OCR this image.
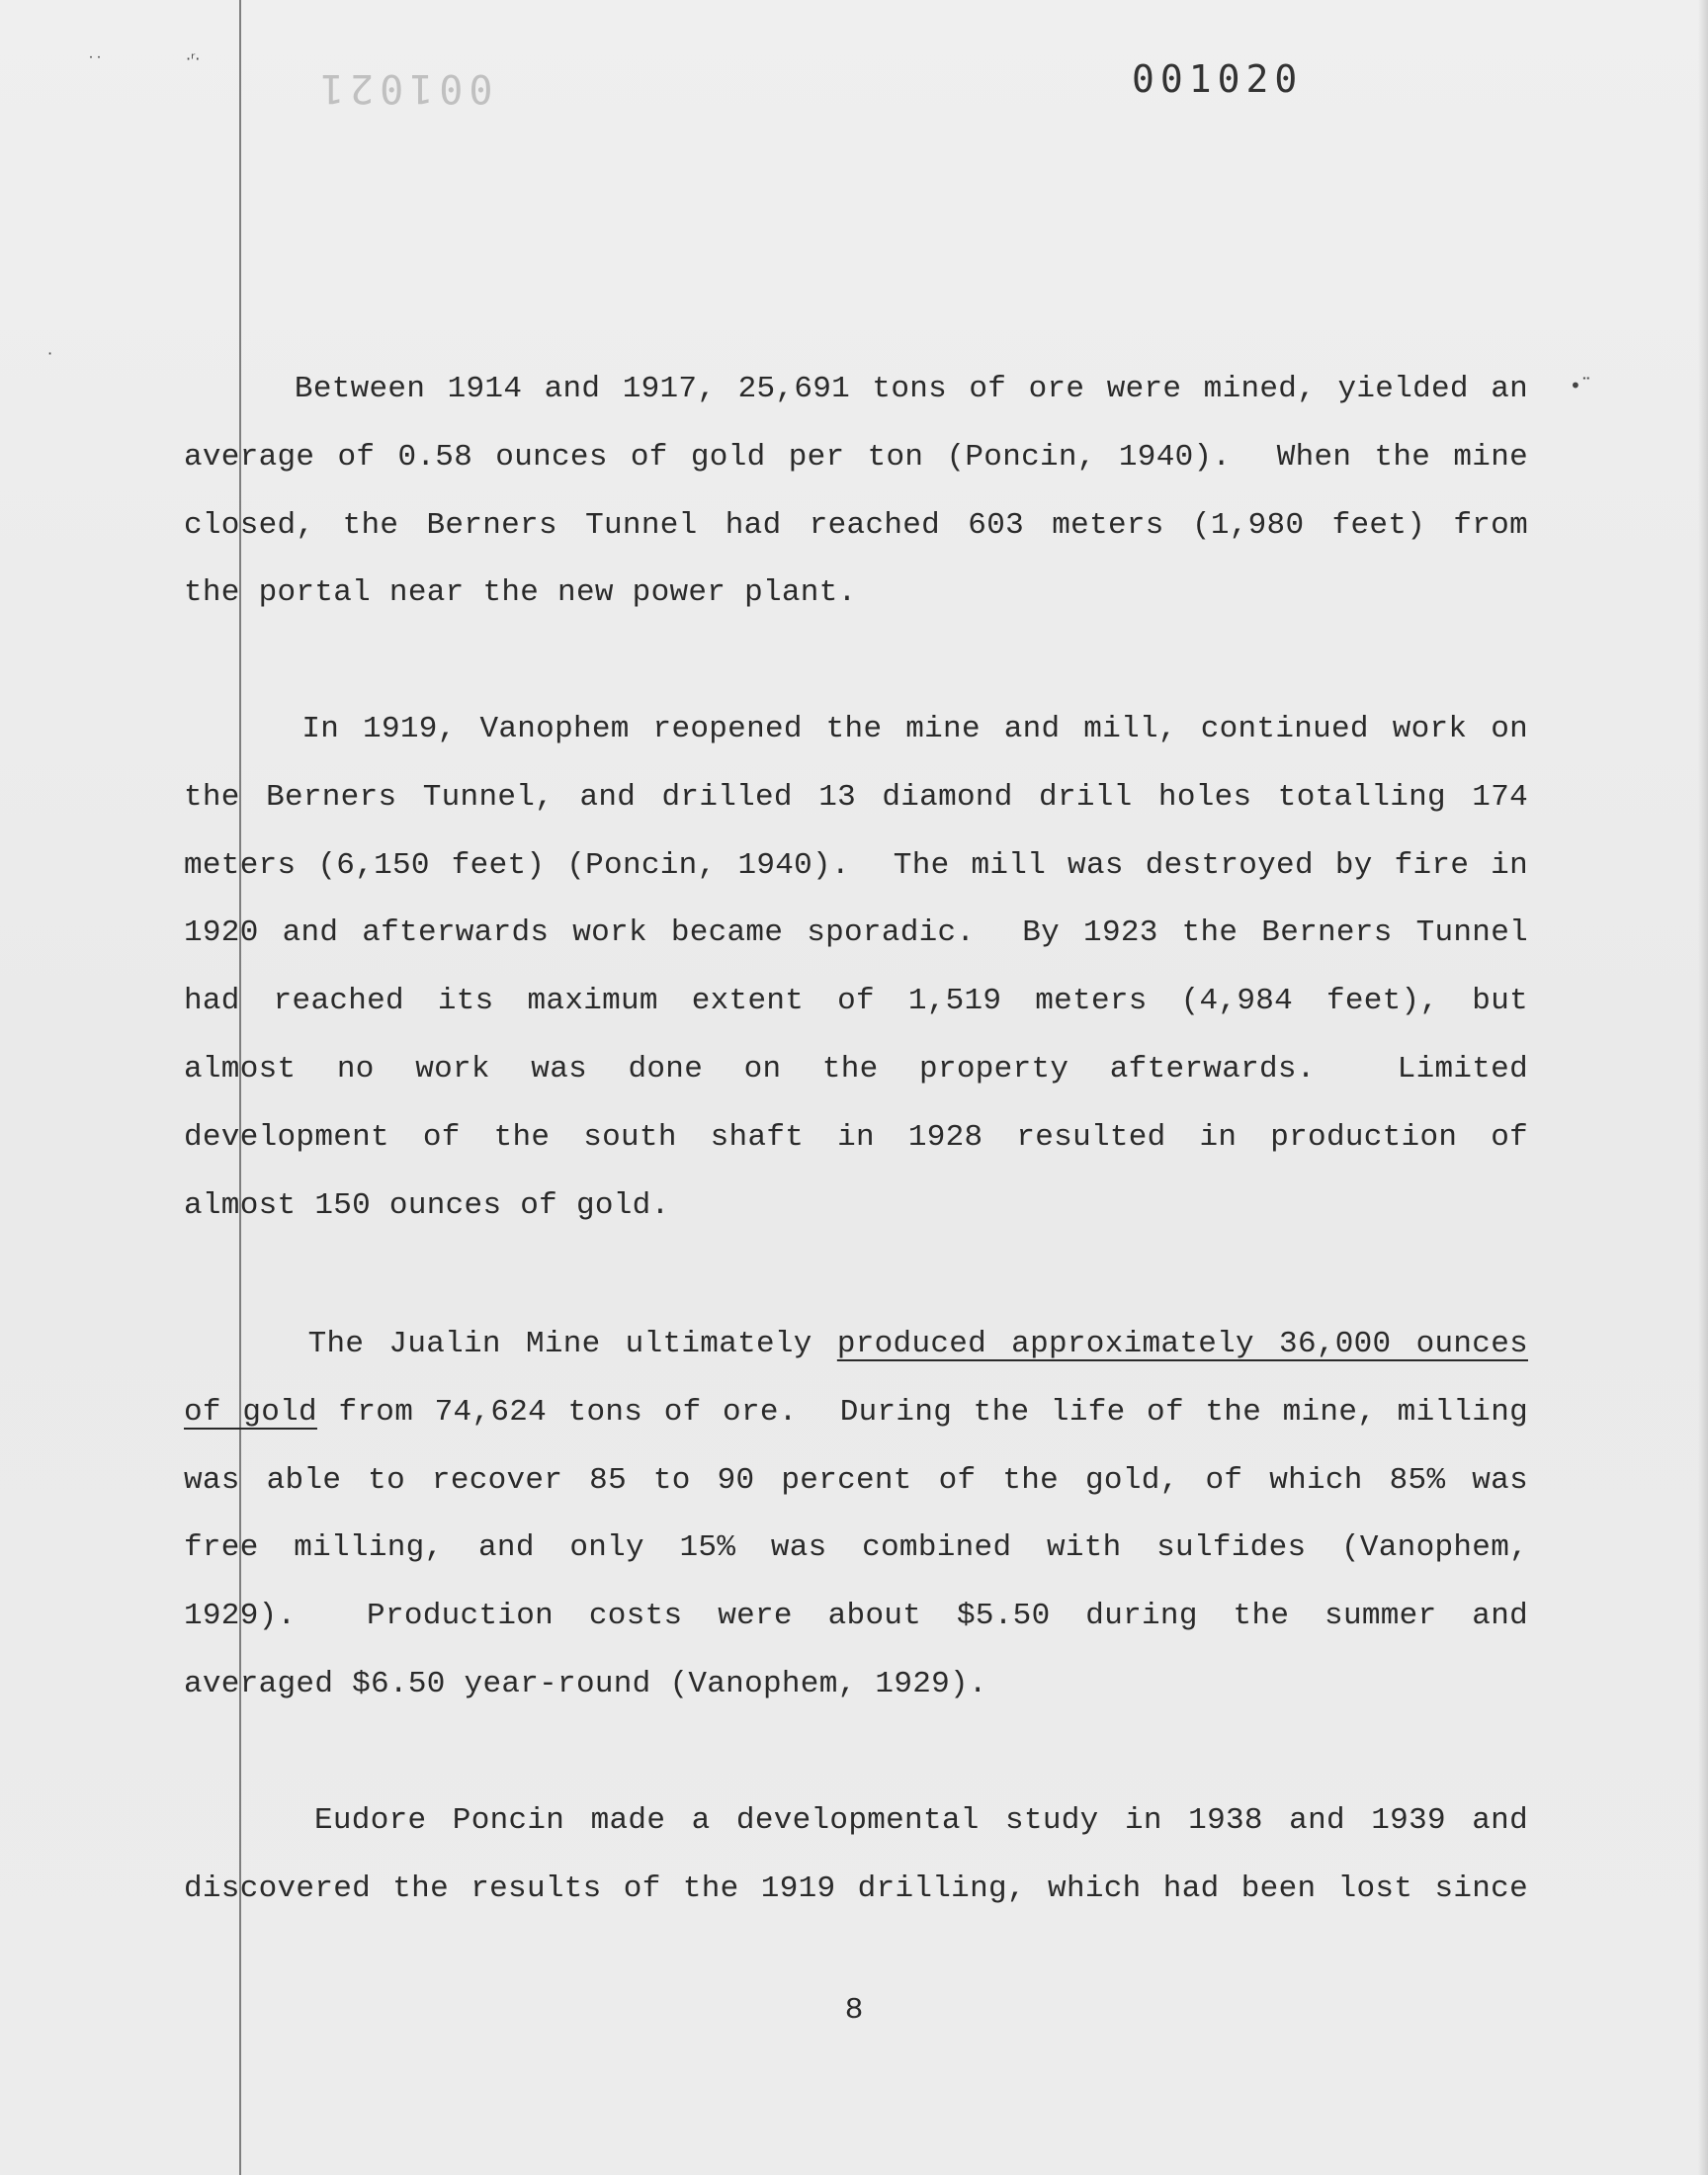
˙˙	·ʳ·
•¨
·
001021	001020
Between 1914 and 1917, 25,691 tons of ore were mined, yielded an
average of 0.58 ounces of gold per ton (Poncin, 1940).  When the mine
closed, the Berners Tunnel had reached 603 meters (1,980 feet) from
the portal near the new power plant.
In 1919, Vanophem reopened the mine and mill, continued work on
the Berners Tunnel, and drilled 13 diamond drill holes totalling 174
meters (6,150 feet) (Poncin, 1940).  The mill was destroyed by fire in
1920 and afterwards work became sporadic.  By 1923 the Berners Tunnel
had reached its maximum extent of 1,519 meters (4,984 feet), but
almost no work was done on the property afterwards.  Limited
development of the south shaft in 1928 resulted in production of
almost 150 ounces of gold.
The Jualin Mine ultimately produced approximately 36,000 ounces
of gold from 74,624 tons of ore.  During the life of the mine, milling
was able to recover 85 to 90 percent of the gold, of which 85% was
free milling, and only 15% was combined with sulfides (Vanophem,
1929).  Production costs were about $5.50 during the summer and
averaged $6.50 year-round (Vanophem, 1929).
Eudore Poncin made a developmental study in 1938 and 1939 and
discovered the results of the 1919 drilling, which had been lost since
8
